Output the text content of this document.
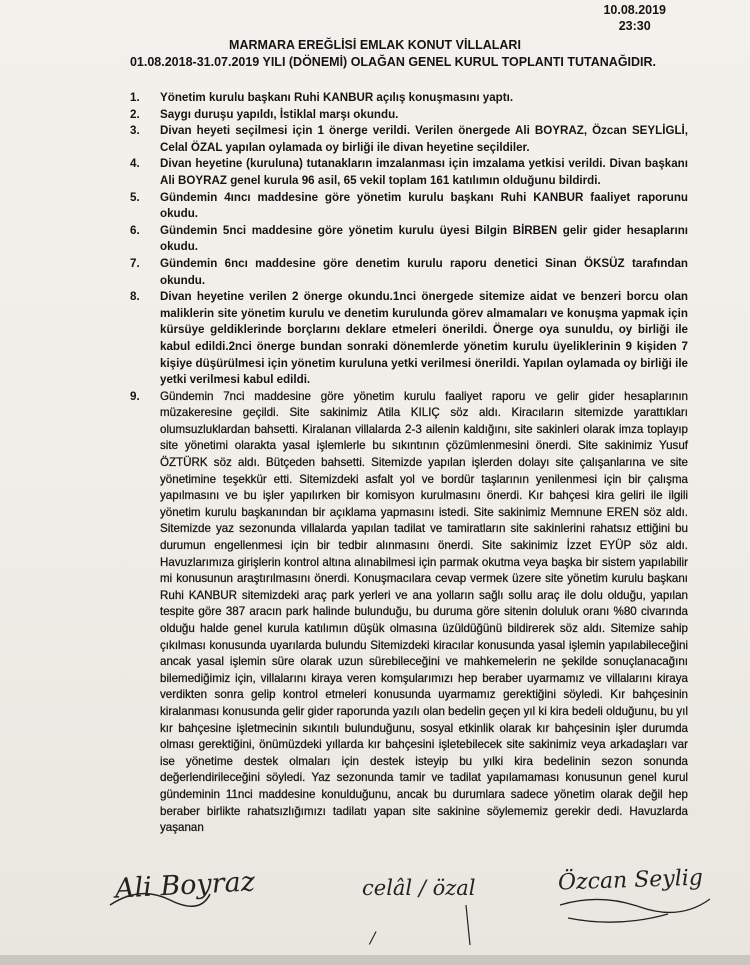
10.08.2019
23:30
MARMARA EREĞLİSİ EMLAK KONUT VİLLALARI
01.08.2018-31.07.2019 YILI (DÖNEMİ) OLAĞAN GENEL KURUL TOPLANTI TUTANAĞIDIR.
1.	Yönetim kurulu başkanı Ruhi KANBUR açılış konuşmasını yaptı.
2.	Saygı duruşu yapıldı, İstiklal marşı okundu.
3.	Divan heyeti seçilmesi için 1 önerge verildi. Verilen önergede Ali BOYRAZ, Özcan SEYLİGLİ, Celal ÖZAL yapılan oylamada oy birliği ile divan heyetine seçildiler.
4.	Divan heyetine (kuruluna) tutanakların imzalanması için imzalama yetkisi verildi. Divan başkanı Ali BOYRAZ genel kurula 96 asil, 65 vekil toplam 161 katılımın olduğunu bildirdi.
5.	Gündemin 4ıncı maddesine göre yönetim kurulu başkanı Ruhi KANBUR faaliyet raporunu okudu.
6.	Gündemin 5nci maddesine göre yönetim kurulu üyesi Bilgin BİRBEN gelir gider hesaplarını okudu.
7.	Gündemin 6ncı maddesine göre denetim kurulu raporu denetici Sinan ÖKSÜZ tarafından okundu.
8.	Divan heyetine verilen 2 önerge okundu.1nci önergede sitemize aidat ve benzeri borcu olan maliklerin site yönetim kurulu ve denetim kurulunda görev almamaları ve konuşma yapmak için kürsüye geldiklerinde borçlarını deklare etmeleri önerildi. Önerge oya sunuldu, oy birliği ile kabul edildi.2nci önerge bundan sonraki dönemlerde yönetim kurulu üyeliklerinin 9 kişiden 7 kişiye düşürülmesi için yönetim kuruluna yetki verilmesi önerildi. Yapılan oylamada oy birliği ile yetki verilmesi kabul edildi.
9.	Gündemin 7nci maddesine göre yönetim kurulu faaliyet raporu ve gelir gider hesaplarının müzakeresine geçildi. Site sakinimiz Atila KILIÇ söz aldı. Kiracıların sitemizde yarattıkları olumsuzluklardan bahsetti. Kiralanan villalarda 2-3 ailenin kaldığını, site sakinleri olarak imza toplayıp site yönetimi olarakta yasal işlemlerle bu sıkıntının çözümlenmesini önerdi. Site sakinimiz Yusuf ÖZTÜRK söz aldı. Bütçeden bahsetti. Sitemizde yapılan işlerden dolayı site çalışanlarına ve site yönetimine teşekkür etti. Sitemizdeki asfalt yol ve bordür taşlarının yenilenmesi için bir çalışma yapılmasını ve bu işler yapılırken bir komisyon kurulmasını önerdi. Kır bahçesi kira geliri ile ilgili yönetim kurulu başkanından bir açıklama yapmasını istedi. Site sakinimiz Memnune EREN söz aldı. Sitemizde yaz sezonunda villalarda yapılan tadilat ve tamiratların site sakinlerini rahatsız ettiğini bu durumun engellenmesi için bir tedbir alınmasını önerdi. Site sakinimiz İzzet EYÜP söz aldı. Havuzlarımıza girişlerin kontrol altına alınabilmesi için parmak okutma veya başka bir sistem yapılabilir mi konusunun araştırılmasını önerdi. Konuşmacılara cevap vermek üzere site yönetim kurulu başkanı Ruhi KANBUR sitemizdeki araç park yerleri ve ana yolların sağlı sollu araç ile dolu olduğu, yapılan tespite göre 387 aracın park halinde bulunduğu, bu duruma göre sitenin doluluk oranı %80 civarında olduğu halde genel kurula katılımın düşük olmasına üzüldüğünü bildirerek söz aldı. Sitemize sahip çıkılması konusunda uyarılarda bulundu Sitemizdeki kiracılar konusunda yasal işlemin yapılabileceğini ancak yasal işlemin süre olarak uzun sürebileceğini ve mahkemelerin ne şekilde sonuçlanacağını bilemediğimiz için, villalarını kiraya veren komşularımızı hep beraber uyarmamız ve villalarını kiraya verdikten sonra gelip kontrol etmeleri konusunda uyarmamız gerektiğini söyledi. Kır bahçesinin kiralanması konusunda gelir gider raporunda yazılı olan bedelin geçen yıl ki kira bedeli olduğunu, bu yıl kır bahçesine işletmecinin sıkıntılı bulunduğunu, sosyal etkinlik olarak kır bahçesinin işler durumda olması gerektiğini, önümüzdeki yıllarda kır bahçesini işletebilecek site sakinimiz veya arkadaşları var ise yönetime destek olmaları için destek isteyip bu yılki kira bedelinin sezon sonunda değerlendirileceğini söyledi. Yaz sezonunda tamir ve tadilat yapılamaması konusunun genel kurul gündeminin 11nci maddesine konulduğunu, ancak bu durumlara sadece yönetim olarak değil hep beraber birlikte rahatsızlığımızı tadilatı yapan site sakinine söylememiz gerekir dedi. Havuzlarda yaşanan
Ali Boyraz	celâl / özal	Özcan Seylig
/
